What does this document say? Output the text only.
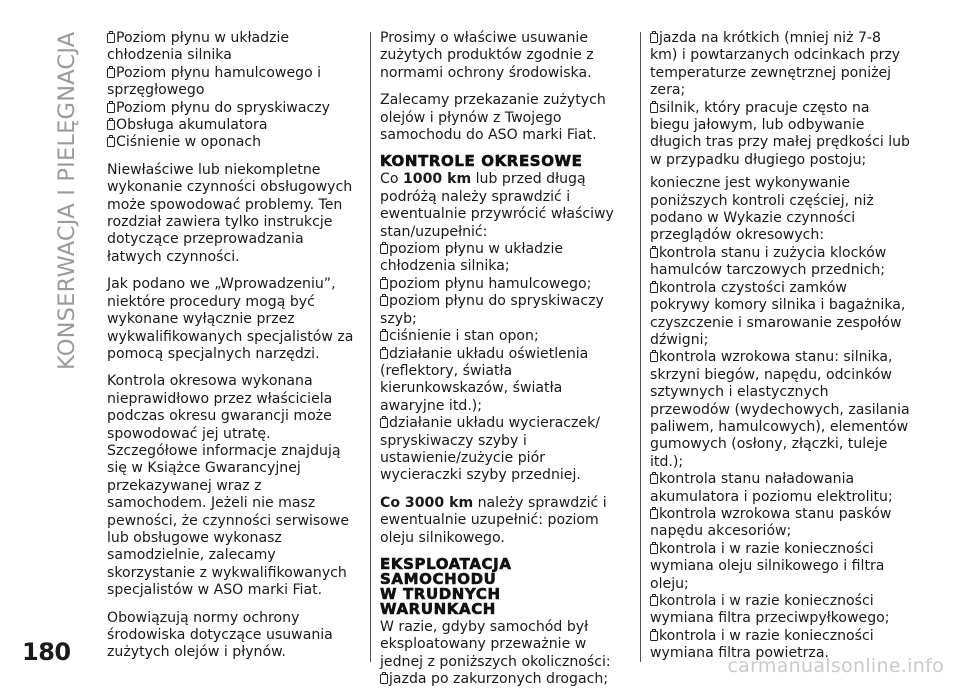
KONSERWACJA I PIELĘGNACJA	Poziom płynu w układzie chłodzenia silnika
Poziom płynu hamulcowego i sprzęgłowego
Poziom płynu do spryskiwaczy
Obsługa akumulatora
Ciśnienie w oponach

Niewłaściwe lub niekompletne wykonanie czynności obsługowych może spowodować problemy. Ten rozdział zawiera tylko instrukcje dotyczące przeprowadzania łatwych czynności.

Jak podano we „Wprowadzeniu”, niektóre procedury mogą być wykonane wyłącznie przez wykwalifikowanych specjalistów za pomocą specjalnych narzędzi.

Kontrola okresowa wykonana nieprawidłowo przez właściciela podczas okresu gwarancji może spowodować jej utratę. Szczegółowe informacje znajdują się w Książce Gwarancyjnej przekazywanej wraz z samochodem. Jeżeli nie masz pewności, że czynności serwisowe lub obsługowe wykonasz samodzielnie, zalecamy skorzystanie z wykwalifikowanych specjalistów w ASO marki Fiat.

Obowiązują normy ochrony środowiska dotyczące usuwania zużytych olejów i płynów.

Prosimy o właściwe usuwanie zużytych produktów zgodnie z normami ochrony środowiska.

Zalecamy przekazanie zużytych olejów i płynów z Twojego samochodu do ASO marki Fiat.

KONTROLE OKRESOWE

Co 1000 km lub przed długą podróżą należy sprawdzić i ewentualnie przywrócić właściwy stan/uzupełnić:

poziom płynu w układzie chłodzenia silnika;
poziom płynu hamulcowego;
poziom płynu do spryskiwaczy szyb;
ciśnienie i stan opon;
działanie układu oświetlenia (reflektory, światła kierunkowskazów, światła awaryjne itd.);
działanie układu wycieraczek/ spryskiwaczy szyby i ustawienie/zużycie piór wycieraczki szyby przedniej.

Co 3000 km należy sprawdzić i ewentualnie uzupełnić: poziom oleju silnikowego.

EKSPLOATACJA
SAMOCHODU
W TRUDNYCH
WARUNKACH

W razie, gdyby samochód był eksploatowany przeważnie w jednej z poniższych okoliczności:

jazda po zakurzonych drogach;
jazda na krótkich (mniej niż 7-8 km) i powtarzanych odcinkach przy temperaturze zewnętrznej poniżej zera;
silnik, który pracuje często na biegu jałowym, lub odbywanie długich tras przy małej prędkości lub w przypadku długiego postoju;

konieczne jest wykonywanie poniższych kontroli częściej, niż podano w Wykazie czynności przeglądów okresowych:

kontrola stanu i zużycia klocków hamulców tarczowych przednich;
kontrola czystości zamków pokrywy komory silnika i bagażnika, czyszczenie i smarowanie zespołów dźwigni;
kontrola wzrokowa stanu: silnika, skrzyni biegów, napędu, odcinków sztywnych i elastycznych przewodów (wydechowych, zasilania paliwem, hamulcowych), elementów gumowych (osłony, złączki, tuleje itd.);
kontrola stanu naładowania akumulatora i poziomu elektrolitu;
kontrola wzrokowa stanu pasków napędu akcesoriów;
kontrola i w razie konieczności wymiana oleju silnikowego i filtra oleju;
kontrola i w razie konieczności wymiana filtra przeciwpyłkowego;
kontrola i w razie konieczności wymiana filtra powietrza.
180	carmanualsonline.info
